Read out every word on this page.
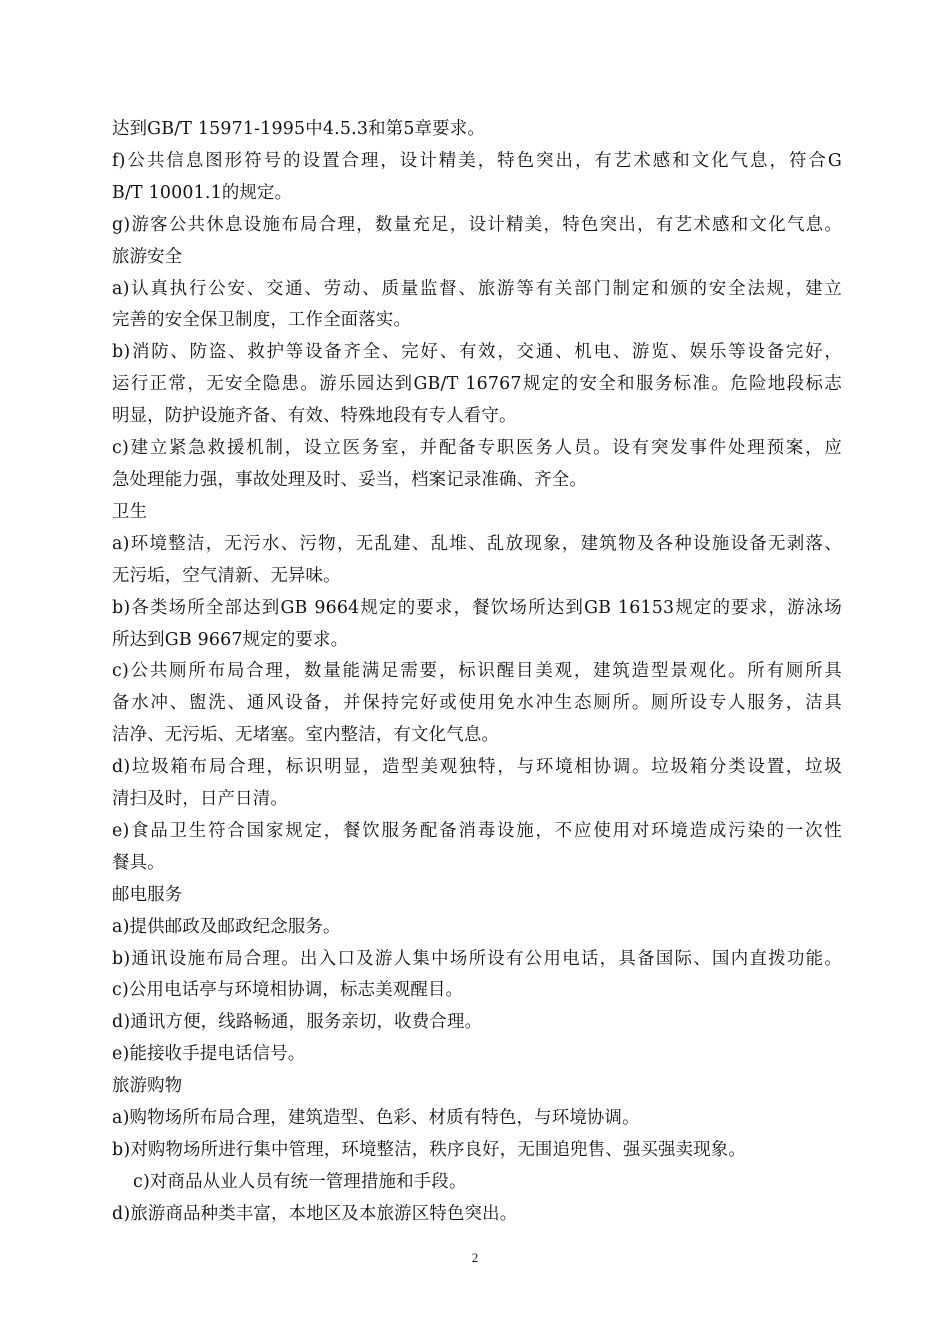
达到GB/T 15971-1995中4.5.3和第5章要求。
f)公共信息图形符号的设置合理，设计精美，特色突出，有艺术感和文化气息，符合G
B/T 10001.1的规定。
g)游客公共休息设施布局合理，数量充足，设计精美，特色突出，有艺术感和文化气息。
旅游安全
a)认真执行公安、交通、劳动、质量监督、旅游等有关部门制定和颁的安全法规，建立
完善的安全保卫制度，工作全面落实。
b)消防、防盗、救护等设备齐全、完好、有效，交通、机电、游览、娱乐等设备完好，
运行正常，无安全隐患。游乐园达到GB/T 16767规定的安全和服务标准。危险地段标志
明显，防护设施齐备、有效、特殊地段有专人看守。
c)建立紧急救援机制，设立医务室，并配备专职医务人员。设有突发事件处理预案，应
急处理能力强，事故处理及时、妥当，档案记录准确、齐全。
卫生
a)环境整洁，无污水、污物，无乱建、乱堆、乱放现象，建筑物及各种设施设备无剥落、
无污垢，空气清新、无异味。
b)各类场所全部达到GB 9664规定的要求，餐饮场所达到GB 16153规定的要求，游泳场
所达到GB 9667规定的要求。
c)公共厕所布局合理，数量能满足需要，标识醒目美观，建筑造型景观化。所有厕所具
备水冲、盥洗、通风设备，并保持完好或使用免水冲生态厕所。厕所设专人服务，洁具
洁净、无污垢、无堵塞。室内整洁，有文化气息。
d)垃圾箱布局合理，标识明显，造型美观独特，与环境相协调。垃圾箱分类设置，垃圾
清扫及时，日产日清。
e)食品卫生符合国家规定，餐饮服务配备消毒设施，不应使用对环境造成污染的一次性
餐具。
邮电服务
a)提供邮政及邮政纪念服务。
b)通讯设施布局合理。出入口及游人集中场所设有公用电话，具备国际、国内直拨功能。
c)公用电话亭与环境相协调，标志美观醒目。
d)通讯方便，线路畅通，服务亲切，收费合理。
e)能接收手提电话信号。
旅游购物
a)购物场所布局合理，建筑造型、色彩、材质有特色，与环境协调。
b)对购物场所进行集中管理，环境整洁，秩序良好，无围追兜售、强买强卖现象。
c)对商品从业人员有统一管理措施和手段。
d)旅游商品种类丰富，本地区及本旅游区特色突出。
2
